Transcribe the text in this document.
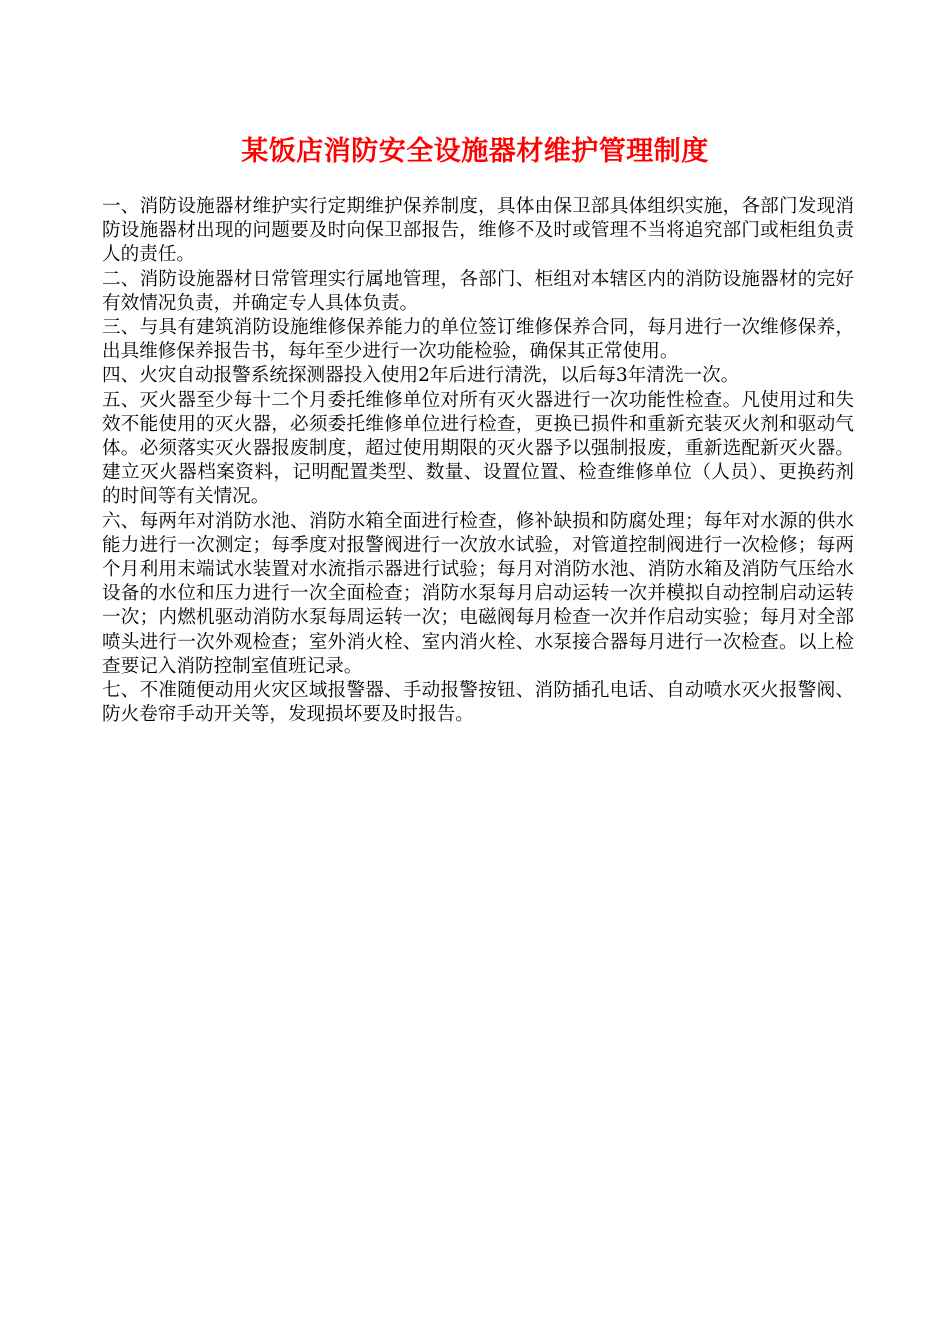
某饭店消防安全设施器材维护管理制度

一、消防设施器材维护实行定期维护保养制度，具体由保卫部具体组织实施，各部门发现消防设施器材出现的问题要及时向保卫部报告，维修不及时或管理不当将追究部门或柜组负责人的责任。

二、消防设施器材日常管理实行属地管理，各部门、柜组对本辖区内的消防设施器材的完好有效情况负责，并确定专人具体负责。

三、与具有建筑消防设施维修保养能力的单位签订维修保养合同，每月进行一次维修保养，出具维修保养报告书，每年至少进行一次功能检验，确保其正常使用。

四、火灾自动报警系统探测器投入使用2年后进行清洗，以后每3年清洗一次。

五、灭火器至少每十二个月委托维修单位对所有灭火器进行一次功能性检查。凡使用过和失效不能使用的灭火器，必须委托维修单位进行检查，更换已损件和重新充装灭火剂和驱动气体。必须落实灭火器报废制度，超过使用期限的灭火器予以强制报废，重新选配新灭火器。建立灭火器档案资料，记明配置类型、数量、设置位置、检查维修单位（人员）、更换药剂的时间等有关情况。

六、每两年对消防水池、消防水箱全面进行检查，修补缺损和防腐处理；每年对水源的供水能力进行一次测定；每季度对报警阀进行一次放水试验，对管道控制阀进行一次检修；每两个月利用末端试水装置对水流指示器进行试验；每月对消防水池、消防水箱及消防气压给水设备的水位和压力进行一次全面检查；消防水泵每月启动运转一次并模拟自动控制启动运转一次；内燃机驱动消防水泵每周运转一次；电磁阀每月检查一次并作启动实验；每月对全部喷头进行一次外观检查；室外消火栓、室内消火栓、水泵接合器每月进行一次检查。以上检查要记入消防控制室值班记录。

七、不准随便动用火灾区域报警器、手动报警按钮、消防插孔电话、自动喷水灭火报警阀、防火卷帘手动开关等，发现损坏要及时报告。
